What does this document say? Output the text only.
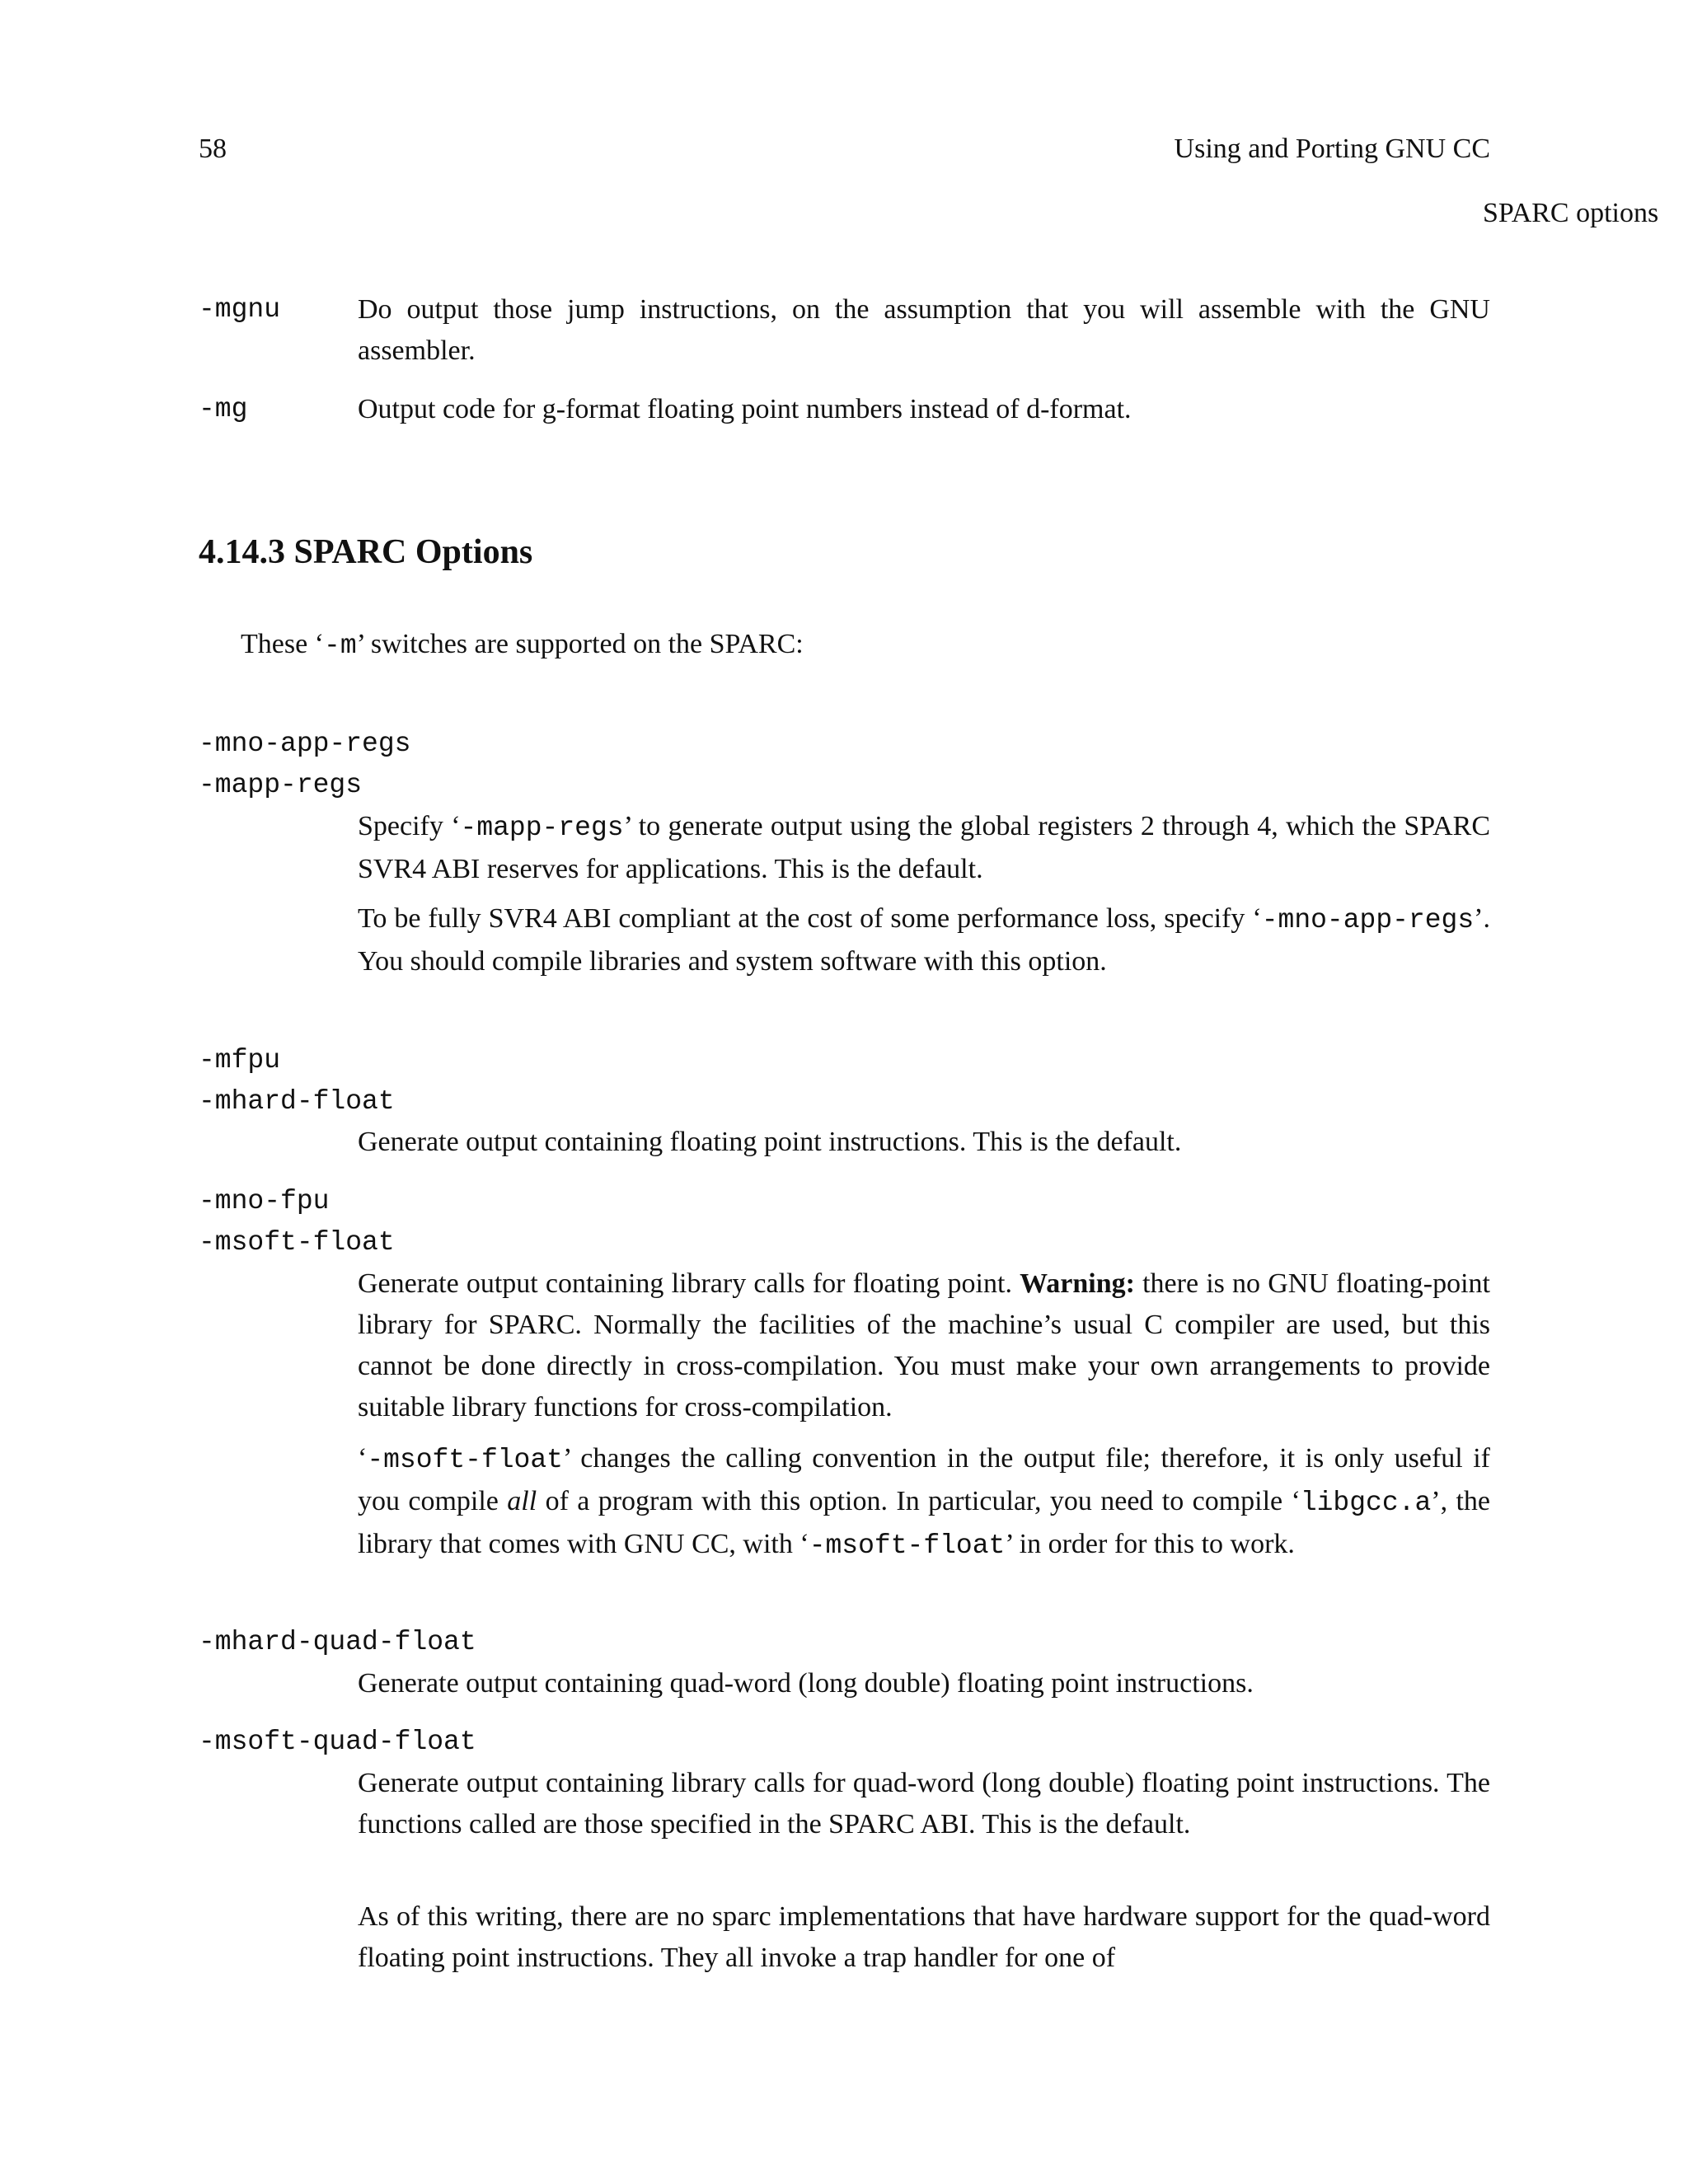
58	Using and Porting GNU CC
SPARC options
-mgnu	Do output those jump instructions, on the assumption that you will assemble with the GNU assembler.
-mg	Output code for g-format floating point numbers instead of d-format.
4.14.3 SPARC Options
These ‘-m’ switches are supported on the SPARC:
-mno-app-regs
-mapp-regs
Specify ‘-mapp-regs’ to generate output using the global registers 2 through 4, which the SPARC SVR4 ABI reserves for applications. This is the default.
To be fully SVR4 ABI compliant at the cost of some performance loss, specify ‘-mno-app-regs’. You should compile libraries and system software with this option.
-mfpu
-mhard-float
Generate output containing floating point instructions. This is the default.
-mno-fpu
-msoft-float
Generate output containing library calls for floating point. Warning: there is no GNU floating-point library for SPARC. Normally the facilities of the machine’s usual C compiler are used, but this cannot be done directly in cross-compilation. You must make your own arrangements to provide suitable library functions for cross-compilation.
‘-msoft-float’ changes the calling convention in the output file; therefore, it is only useful if you compile all of a program with this option. In particular, you need to compile ‘libgcc.a’, the library that comes with GNU CC, with ‘-msoft-float’ in order for this to work.
-mhard-quad-float
Generate output containing quad-word (long double) floating point instructions.
-msoft-quad-float
Generate output containing library calls for quad-word (long double) floating point instructions. The functions called are those specified in the SPARC ABI. This is the default.
As of this writing, there are no sparc implementations that have hardware support for the quad-word floating point instructions. They all invoke a trap handler for one of
